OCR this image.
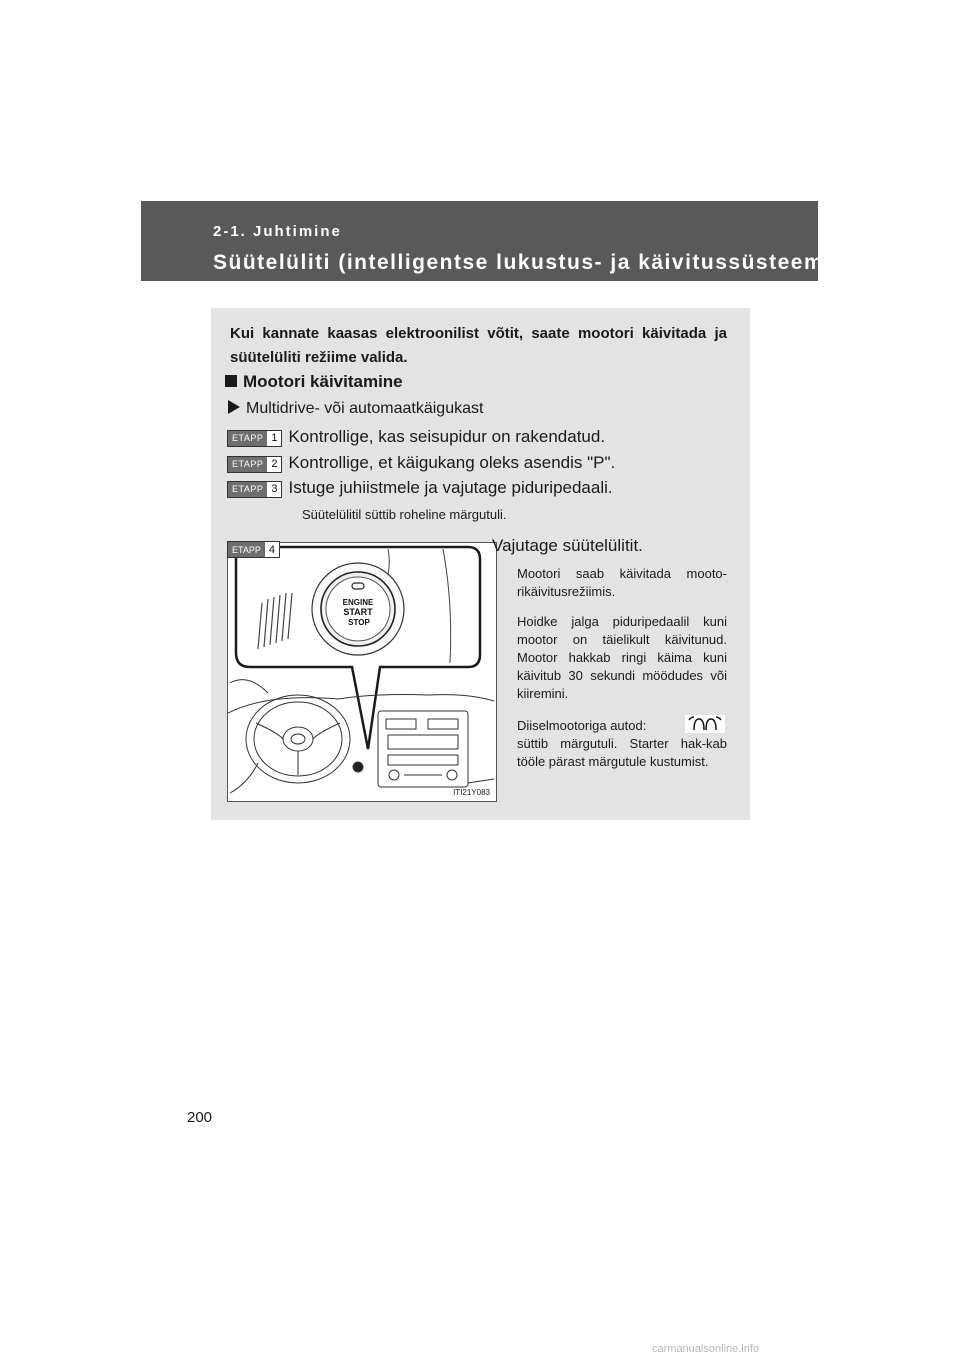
2-1. Juhtimine
Süütelüliti (intelligentse lukustus- ja käivitussüsteemiga)
Kui kannate kaasas elektroonilist võtit, saate mootori käivitada ja süütelüliti režiime valida.
Mootori käivitamine
Multidrive- või automaatkäigukast
ETAPP 1 Kontrollige, kas seisupidur on rakendatud.
ETAPP 2 Kontrollige, et käigukang oleks asendis "P".
ETAPP 3 Istuge juhiistmele ja vajutage piduripedaali.
Süütelülitil süttib roheline märgutuli.
ENGINE
START
STOP
ITI21Y083
ETAPP 4	Vajutage süütelülitit.
Mootori saab käivitada mooto-rikäivitusrežiimis.
Hoidke jalga piduripedaalil kuni mootor on täielikult käivitunud. Mootor hakkab ringi käima kuni käivitub 30 sekundi möödudes või kiiremini.
Diiselmootoriga autod:
süttib märgutuli. Starter hak-kab tööle pärast märgutule kustumist.
200
carmanualsonline.info
